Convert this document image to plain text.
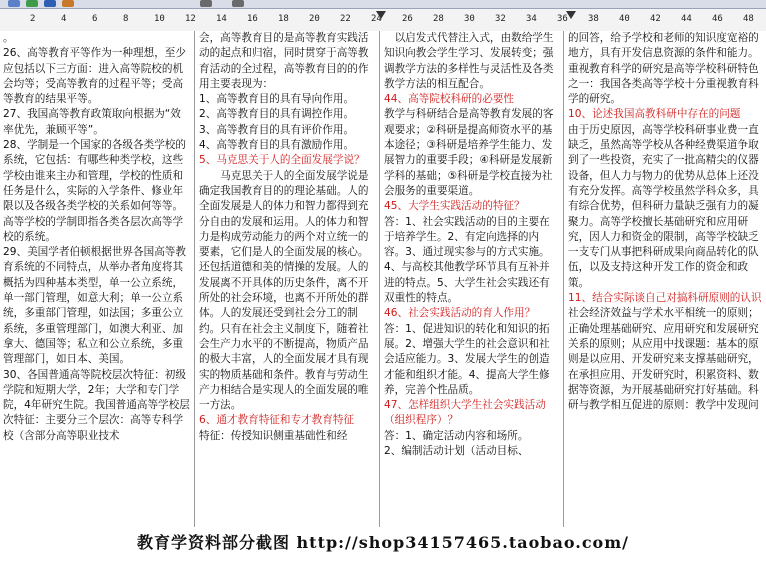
2	4	6	8	10 12 14 16 18 20 22 24 26 28 30 32 34 36 38 40 42 44 46 48

。

26、高等教育平等作为一种理想，至少应包括以下三方面：进入高等院校的机会均等；受高等教育的过程平等；受高等教育的结果平等。

27、我国高等教育政策取向根据为“效率优先，兼顾平等”。

28、学制是一个国家的各级各类学校的系统，它包括：有哪些种类学校，这些学校由谁来主办和管理，学校的性质和任务是什么，实际的入学条件、修业年限以及各级各类学校的关系如何等等。高等学校的学制即指各类各层次高等学校的系统。

29、美国学者伯顿根据世界各国高等教育系统的不同特点，从举办者角度将其概括为四种基本类型，单一公立系统，单一部门管理，如意大利；单一公立系统，多重部门管理，如法国；多重公立系统，多重管理部门，如澳大利亚、加拿大、德国等；私立和公立系统，多重管理部门，如日本、美国。

30、各国普通高等院校层次特征：初级学院和短期大学，2年；大学和专门学院，4年研究生院。我国普通高等学校层次特征：主要分三个层次：高等专科学校（含部分高等职业技术

会，高等教育目的是高等教育实践活动的起点和归宿，同时贯穿于高等教育活动的全过程，高等教育目的的作用主要表现为：

1、高等教育目的具有导向作用。

2、高等教育目的具有调控作用。

3、高等教育目的具有评价作用。

4、高等教育目的具有激励作用。

5、马克思关于人的全面发展学说？

　　马克思关于人的全面发展学说是确定我国教育目的的理论基础。人的全面发展是人的体力和智力都得到充分自由的发展和运用。人的体力和智力是构成劳动能力的两个对立统一的要素，它们是人的全面发展的核心。还包括道德和美的情操的发展。人的发展离不开具体的历史条件，离不开所处的社会环境，也离不开所处的群体。人的发展还受到社会分工的制约。只有在社会主义制度下，随着社会生产力水平的不断提高，物质产品的极大丰富，人的全面发展才具有现实的物质基础和条件。教育与劳动生产力相结合是实现人的全面发展的唯一方法。

6、通才教育特征和专才教育特征

特征：传授知识侧重基础性和经

　以启发式代替注入式，由数给学生知识向教会学生学习、发展转变；强调教学方法的多样性与灵活性及各类教学方法的相互配合。

44、高等院校科研的必要性

教学与科研结合是高等教育发展的客观要求；②科研是提高师资水平的基本途径；③科研是培养学生能力、发展智力的重要手段；④科研是发展新学科的基础；⑤科研是学校直接为社会服务的重要渠道。

45、大学生实践活动的特征？

答：1、社会实践活动的目的主要在于培养学生。2、有定向选择的内容。3、通过现实参与的方式实施。4、与高校其他教学环节具有互补并进的特点。5、大学生社会实践还有双重性的特点。

46、社会实践活动的育人作用？

答：1、促进知识的转化和知识的拓展。2、增强大学生的社会意识和社会适应能力。3、发展大学生的创造才能和组织才能。4、提高大学生修养，完善个性品质。

47、怎样组织大学生社会实践活动（组织程序）？

答：1、确定活动内容和场所。

2、编制活动计划（活动目标、

的回答，给予学校和老师的知识度宽裕的地方，具有开发信息资源的条件和能力。

重视教育科学的研究是高等学校科研特色之一：我国各类高等学校十分重视教育科学的研究。

10、论述我国高教科研中存在的问题

由于历史原因，高等学校科研事业费一直缺乏，虽然高等学校从各种经费渠道争取到了一些投资，充实了一批高精尖的仪器设备，但人力与物力的优势从总体上还没有充分发挥。高等学校虽然学科众多，具有综合优势，但科研力量缺乏强有力的凝聚力。高等学校擅长基础研究和应用研究，因人力和资金的限制，高等学校缺乏一支专门从事把科研成果向商品转化的队伍，以及支持这种开发工作的资金和政策。

11、结合实际谈自己对搞科研原则的认识

社会经济效益与学术水平相统一的原则；正确处理基础研究、应用研究和发展研究关系的原则；从应用中找课题：基本的原则是以应用、开发研究来支撑基础研究，在承担应用、开发研究时，积累资料、数据等资源，为开展基础研究打好基础。科研与教学相互促进的原则：教学中发现问

教育学资料部分截图 http://shop34157465.taobao.com/
